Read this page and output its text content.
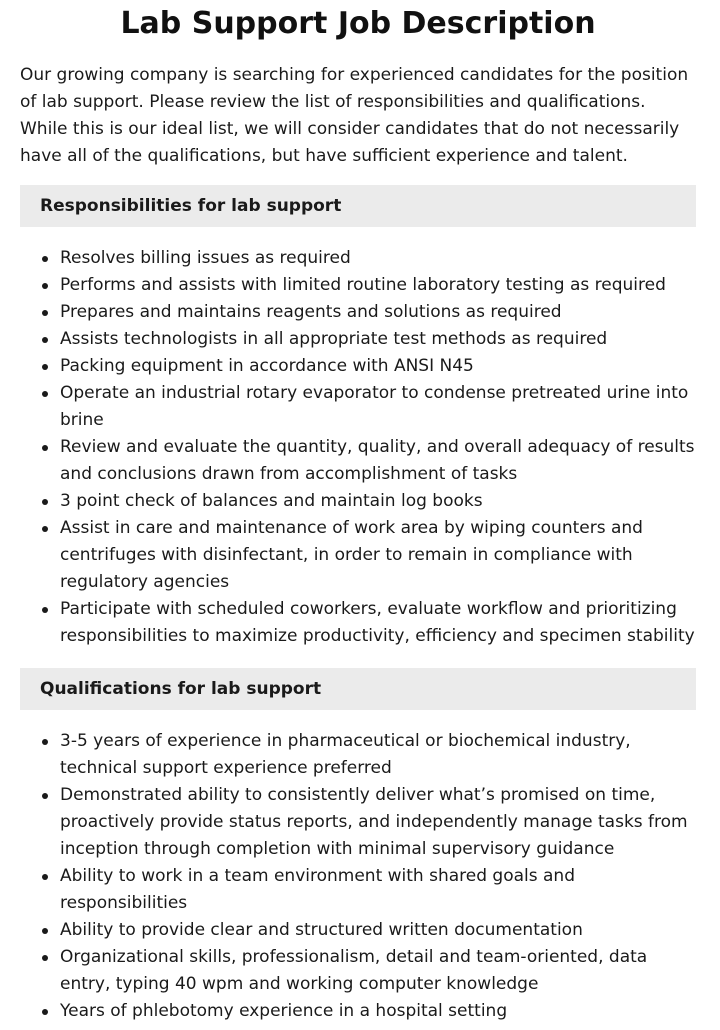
Lab Support Job Description

Our growing company is searching for experienced candidates for the position of lab support. Please review the list of responsibilities and qualifications. While this is our ideal list, we will consider candidates that do not necessarily have all of the qualifications, but have sufficient experience and talent.

Responsibilities for lab support
Resolves billing issues as required
Performs and assists with limited routine laboratory testing as required
Prepares and maintains reagents and solutions as required
Assists technologists in all appropriate test methods as required
Packing equipment in accordance with ANSI N45
Operate an industrial rotary evaporator to condense pretreated urine into brine
Review and evaluate the quantity, quality, and overall adequacy of results and conclusions drawn from accomplishment of tasks
3 point check of balances and maintain log books
Assist in care and maintenance of work area by wiping counters and centrifuges with disinfectant, in order to remain in compliance with regulatory agencies
Participate with scheduled coworkers, evaluate workflow and prioritizing responsibilities to maximize productivity, efficiency and specimen stability
Qualifications for lab support
3-5 years of experience in pharmaceutical or biochemical industry, technical support experience preferred
Demonstrated ability to consistently deliver what’s promised on time, proactively provide status reports, and independently manage tasks from inception through completion with minimal supervisory guidance
Ability to work in a team environment with shared goals and responsibilities
Ability to provide clear and structured written documentation
Organizational skills, professionalism, detail and team-oriented, data entry, typing 40 wpm and working computer knowledge
Years of phlebotomy experience in a hospital setting
